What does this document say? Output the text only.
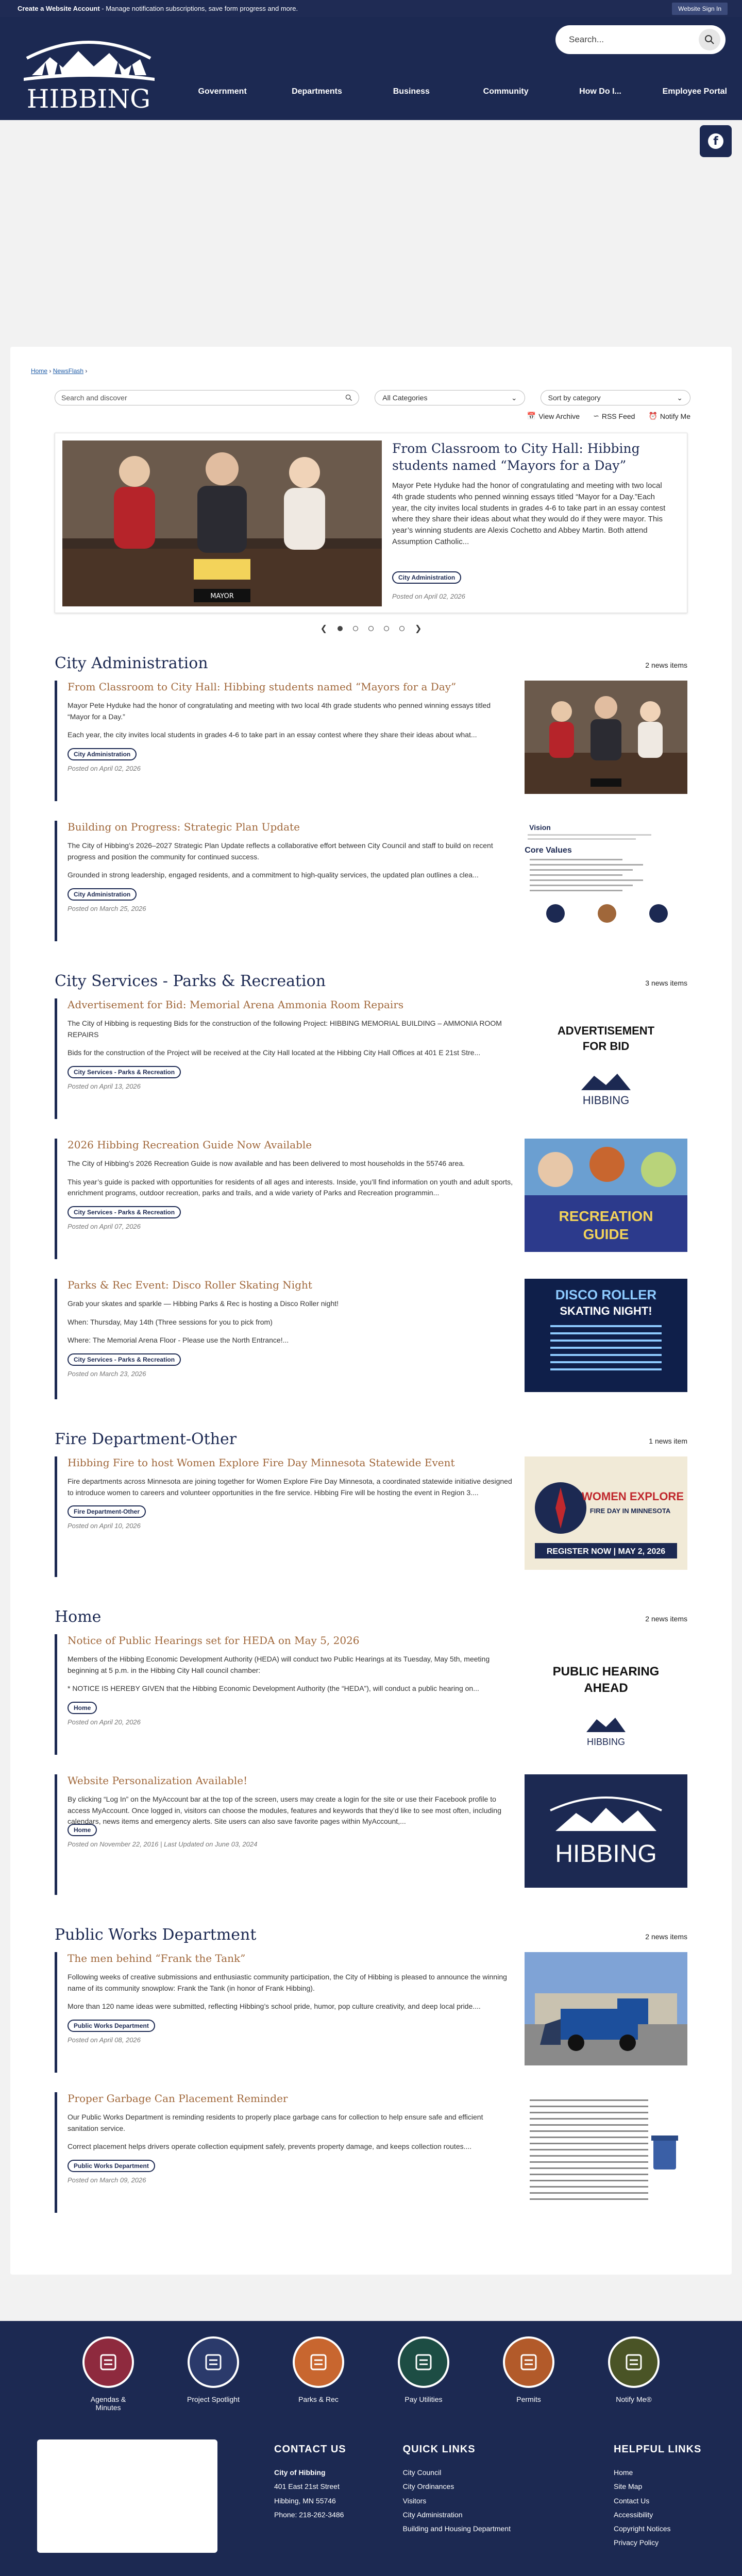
Create a Website Account - Manage notification subscriptions, save form progress and more.	Website Sign In
HIBBING
Search...
Government	Departments	Business	Community	How Do I...	Employee Portal
f
Home › NewsFlash ›
Search and discover	All Categories	⌄	Sort by category	⌄
📅 View Archive ∽ RSS Feed ⏰ Notify Me
MAYOR
From Classroom to City Hall: Hibbing students named “Mayors for a Day”
Mayor Pete Hyduke had the honor of congratulating and meeting with two local 4th grade students who penned winning essays titled “Mayor for a Day.”Each year, the city invites local students in grades 4-6 to take part in an essay contest where they share their ideas about what they would do if they were mayor. This year’s winning students are Alexis Cochetto and Abbey Martin. Both attend Assumption Catholic...
City Administration
Posted on April 02, 2026
❮	❯
City Administration	2 news items
From Classroom to City Hall: Hibbing students named “Mayors for a Day”

Mayor Pete Hyduke had the honor of congratulating and meeting with two local 4th grade students who penned winning essays titled “Mayor for a Day.”

Each year, the city invites local students in grades 4-6 to take part in an essay contest where they share their ideas about what...

City Administration
Posted on April 02, 2026
Building on Progress: Strategic Plan Update

The City of Hibbing’s 2026–2027 Strategic Plan Update reflects a collaborative effort between City Council and staff to build on recent progress and position the community for continued success.

Grounded in strong leadership, engaged residents, and a commitment to high-quality services, the updated plan outlines a clea...

City Administration
Posted on March 25, 2026
Vision
Core Values
City Services - Parks & Recreation	3 news items
Advertisement for Bid: Memorial Arena Ammonia Room Repairs

The City of Hibbing is requesting Bids for the construction of the following Project: HIBBING MEMORIAL BUILDING – AMMONIA ROOM REPAIRS

Bids for the construction of the Project will be received at the City Hall located at the Hibbing City Hall Offices at 401 E 21st Stre...

City Services - Parks & Recreation
Posted on April 13, 2026
ADVERTISEMENT
FOR BID
HIBBING
2026 Hibbing Recreation Guide Now Available

The City of Hibbing’s 2026 Recreation Guide is now available and has been delivered to most households in the 55746 area.

This year’s guide is packed with opportunities for residents of all ages and interests. Inside, you’ll find information on youth and adult sports, enrichment programs, outdoor recreation, parks and trails, and a wide variety of Parks and Recreation programmin...

City Services - Parks & Recreation
Posted on April 07, 2026
RECREATION
GUIDE
Parks & Rec Event: Disco Roller Skating Night

Grab your skates and sparkle — Hibbing Parks & Rec is hosting a Disco Roller night!

When: Thursday, May 14th (Three sessions for you to pick from)

Where: The Memorial Arena Floor - Please use the North Entrance!...

City Services - Parks & Recreation
Posted on March 23, 2026
DISCO ROLLER
SKATING NIGHT!
Fire Department-Other	1 news item
Hibbing Fire to host Women Explore Fire Day Minnesota Statewide Event

Fire departments across Minnesota are joining together for Women Explore Fire Day Minnesota, a coordinated statewide initiative designed to introduce women to careers and volunteer opportunities in the fire service. Hibbing Fire will be hosting the event in Region 3....

Fire Department-Other
Posted on April 10, 2026
WOMEN EXPLORE
FIRE DAY IN MINNESOTA
REGISTER NOW | MAY 2, 2026
Home	2 news items
Notice of Public Hearings set for HEDA on May 5, 2026

Members of the Hibbing Economic Development Authority (HEDA) will conduct two Public Hearings at its Tuesday, May 5th, meeting beginning at 5 p.m. in the Hibbing City Hall council chamber:

* NOTICE IS HEREBY GIVEN that the Hibbing Economic Development Authority (the “HEDA”), will conduct a public hearing on...

Home
Posted on April 20, 2026
PUBLIC HEARING
AHEAD
HIBBING
Website Personalization Available!

By clicking “Log In” on the MyAccount bar at the top of the screen, users may create a login for the site or use their Facebook profile to access MyAccount. Once logged in, visitors can choose the modules, features and keywords that they’d like to see most often, including calendars, news items and emergency alerts. Site users can also save favorite pages within MyAccount,...

Home
Posted on November 22, 2016 | Last Updated on June 03, 2024	HIBBING
Public Works Department	2 news items
The men behind “Frank the Tank”

Following weeks of creative submissions and enthusiastic community participation, the City of Hibbing is pleased to announce the winning name of its community snowplow: Frank the Tank (in honor of Frank Hibbing).

More than 120 name ideas were submitted, reflecting Hibbing’s school pride, humor, pop culture creativity, and deep local pride....

Public Works Department
Posted on April 08, 2026
Proper Garbage Can Placement Reminder

Our Public Works Department is reminding residents to properly place garbage cans for collection to help ensure safe and efficient sanitation service.

Correct placement helps drivers operate collection equipment safely, prevents property damage, and keeps collection routes....

Public Works Department
Posted on March 09, 2026
Agendas & Minutes
Project Spotlight	Parks & Rec	Pay Utilities	Permits	Notify Me®
CONTACT US
City of Hibbing
401 East 21st Street
Hibbing, MN 55746
Phone: 218-262-3486
QUICK LINKS
City Council
City Ordinances
Visitors
City Administration
Building and Housing Department
HELPFUL LINKS
Home
Site Map
Contact Us
Accessibility
Copyright Notices
Privacy Policy
